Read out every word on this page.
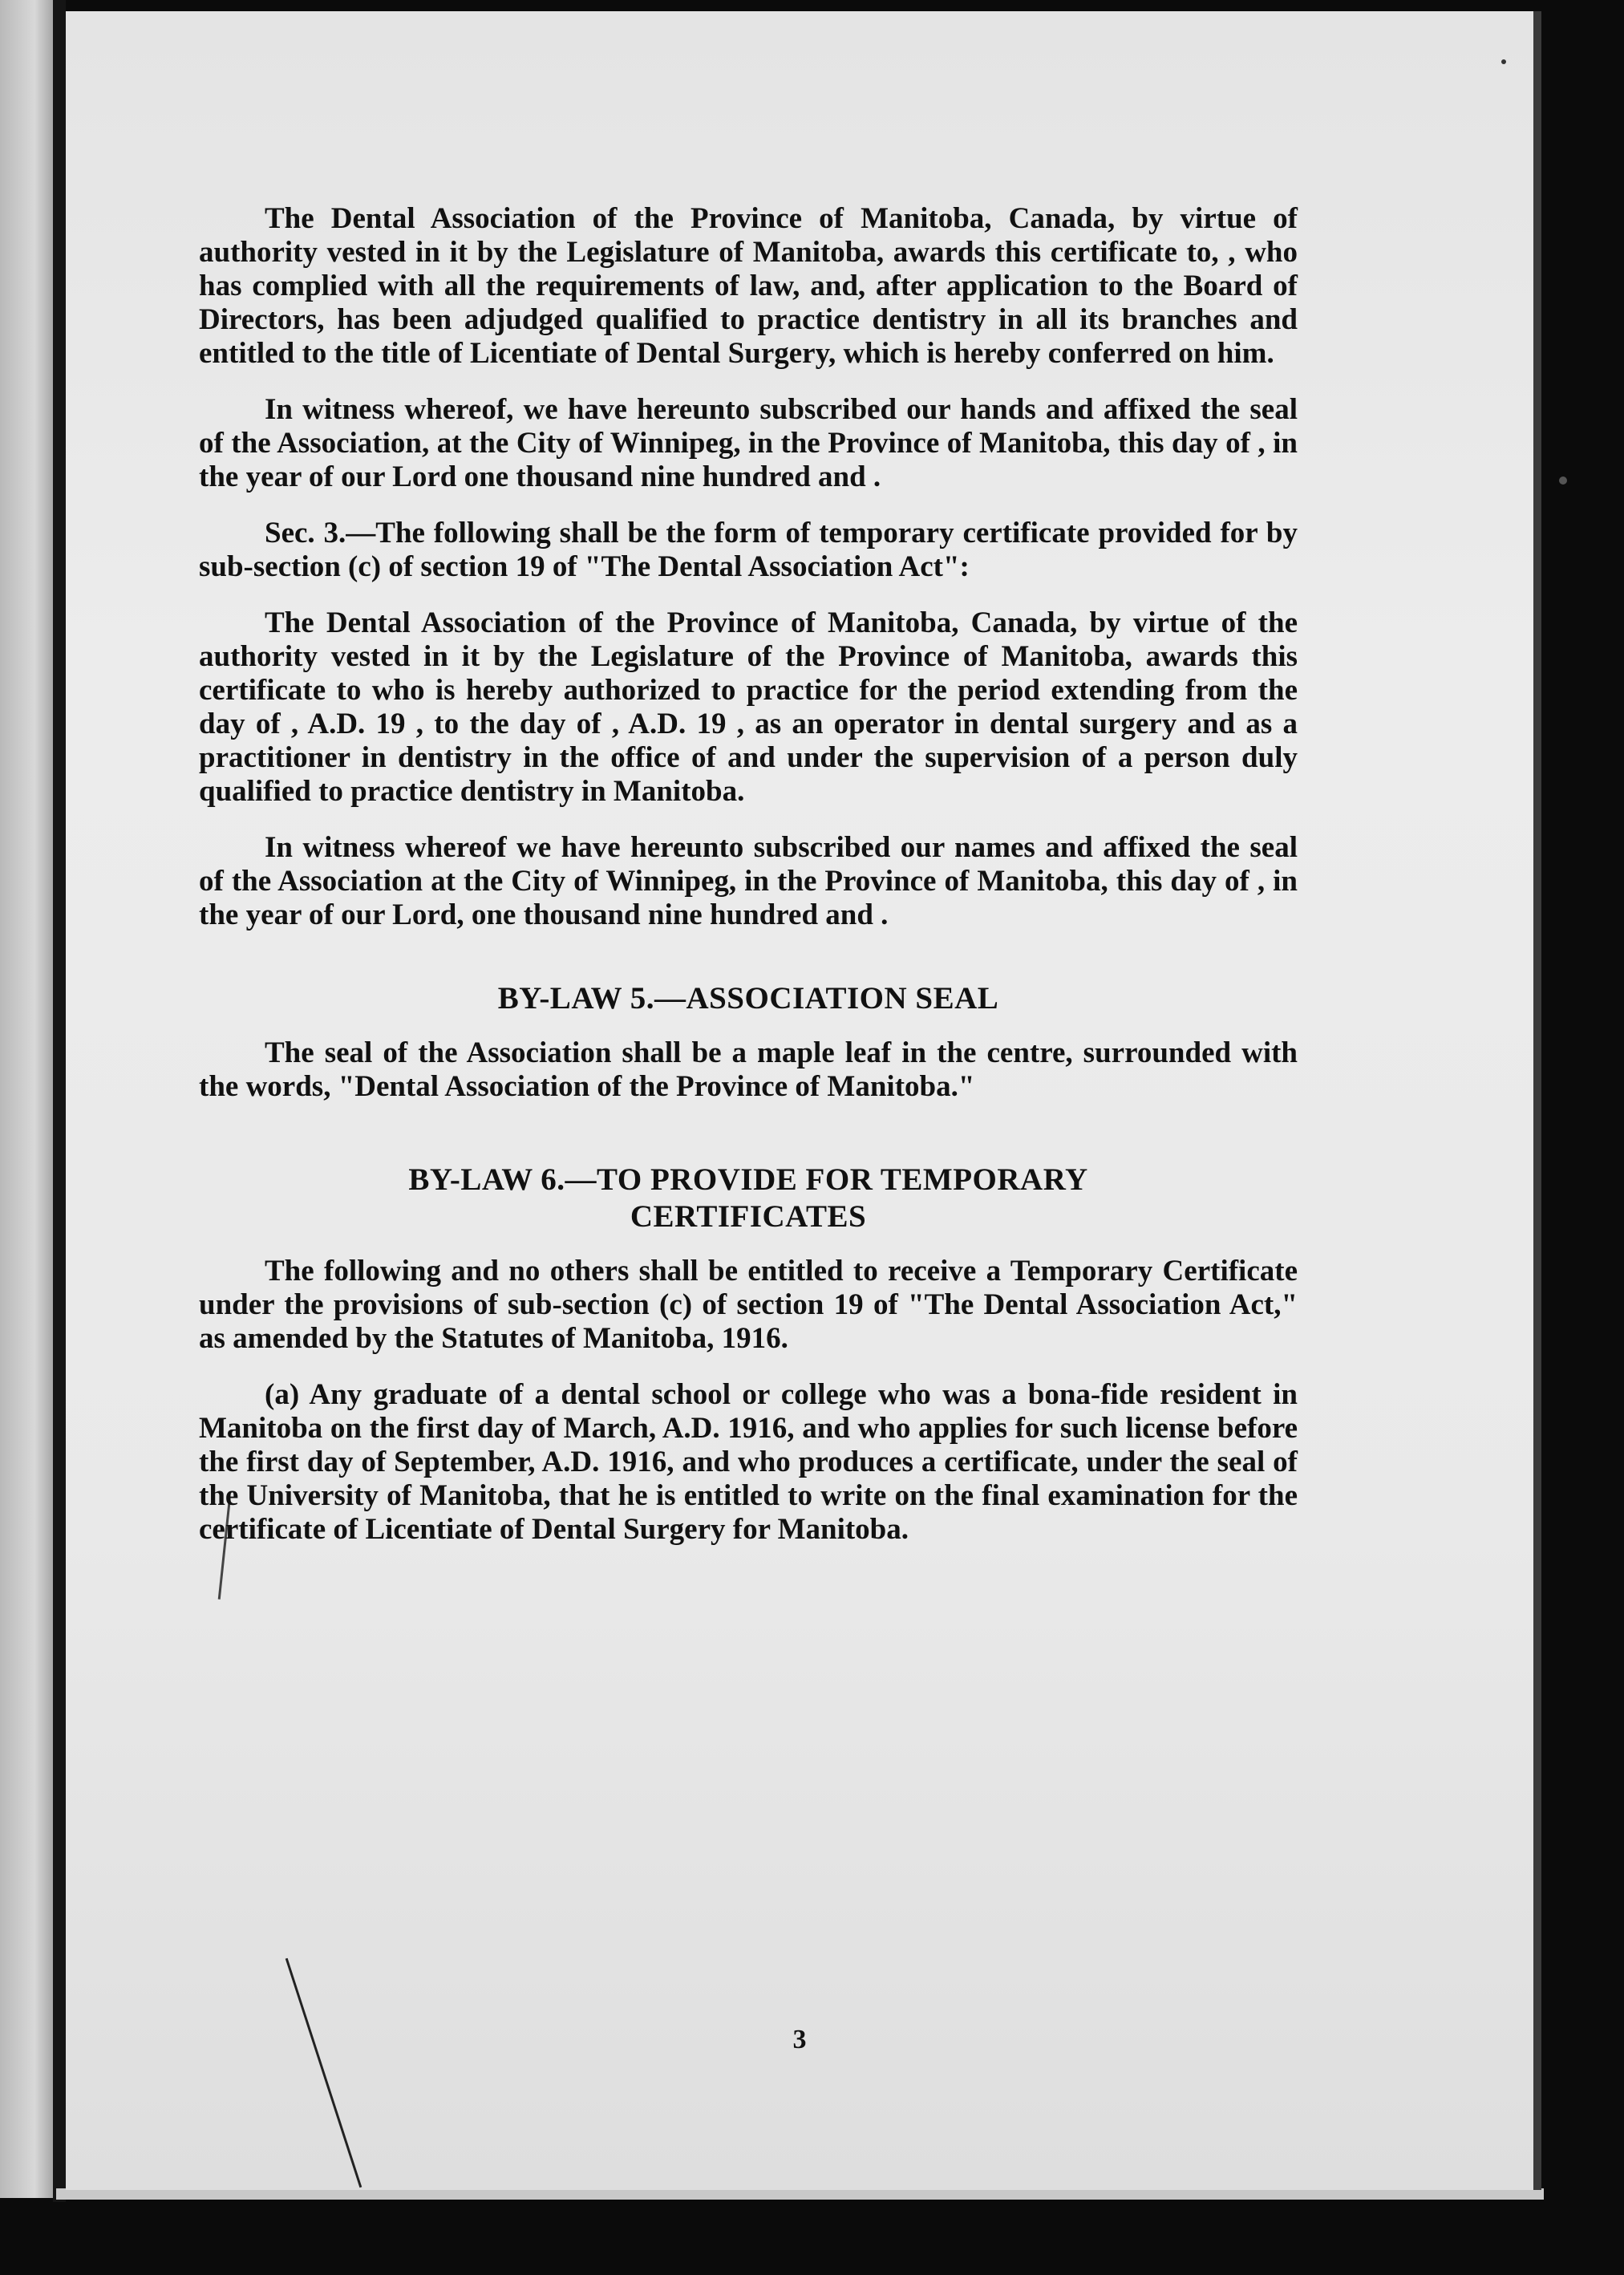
3

The Dental Association of the Province of Manitoba, Canada, by virtue of authority vested in it by the Legislature of Manitoba, awards this certificate to, , who has complied with all the requirements of law, and, after application to the Board of Directors, has been adjudged qualified to practice dentistry in all its branches and entitled to the title of Licentiate of Dental Surgery, which is hereby conferred on him.

In witness whereof, we have hereunto subscribed our hands and affixed the seal of the Association, at the City of Winnipeg, in the Province of Manitoba, this day of , in the year of our Lord one thousand nine hundred and .

Sec. 3.—The following shall be the form of temporary certificate provided for by sub-section (c) of section 19 of "The Dental Association Act":

The Dental Association of the Province of Manitoba, Canada, by virtue of the authority vested in it by the Legislature of the Province of Manitoba, awards this certificate to who is hereby authorized to practice for the period extending from the day of , A.D. 19 , to the day of , A.D. 19 , as an operator in dental surgery and as a practitioner in dentistry in the office of and under the supervision of a person duly qualified to practice dentistry in Manitoba.

In witness whereof we have hereunto subscribed our names and affixed the seal of the Association at the City of Winnipeg, in the Province of Manitoba, this day of , in the year of our Lord, one thousand nine hundred and .

BY-LAW 5.—ASSOCIATION SEAL

The seal of the Association shall be a maple leaf in the centre, surrounded with the words, "Dental Association of the Province of Manitoba."

BY-LAW 6.—TO PROVIDE FOR TEMPORARY
CERTIFICATES

The following and no others shall be entitled to receive a Temporary Certificate under the provisions of sub-section (c) of section 19 of "The Dental Association Act," as amended by the Statutes of Manitoba, 1916.

(a) Any graduate of a dental school or college who was a bona-fide resident in Manitoba on the first day of March, A.D. 1916, and who applies for such license before the first day of September, A.D. 1916, and who produces a certificate, under the seal of the University of Manitoba, that he is entitled to write on the final examination for the certificate of Licentiate of Dental Surgery for Manitoba.
